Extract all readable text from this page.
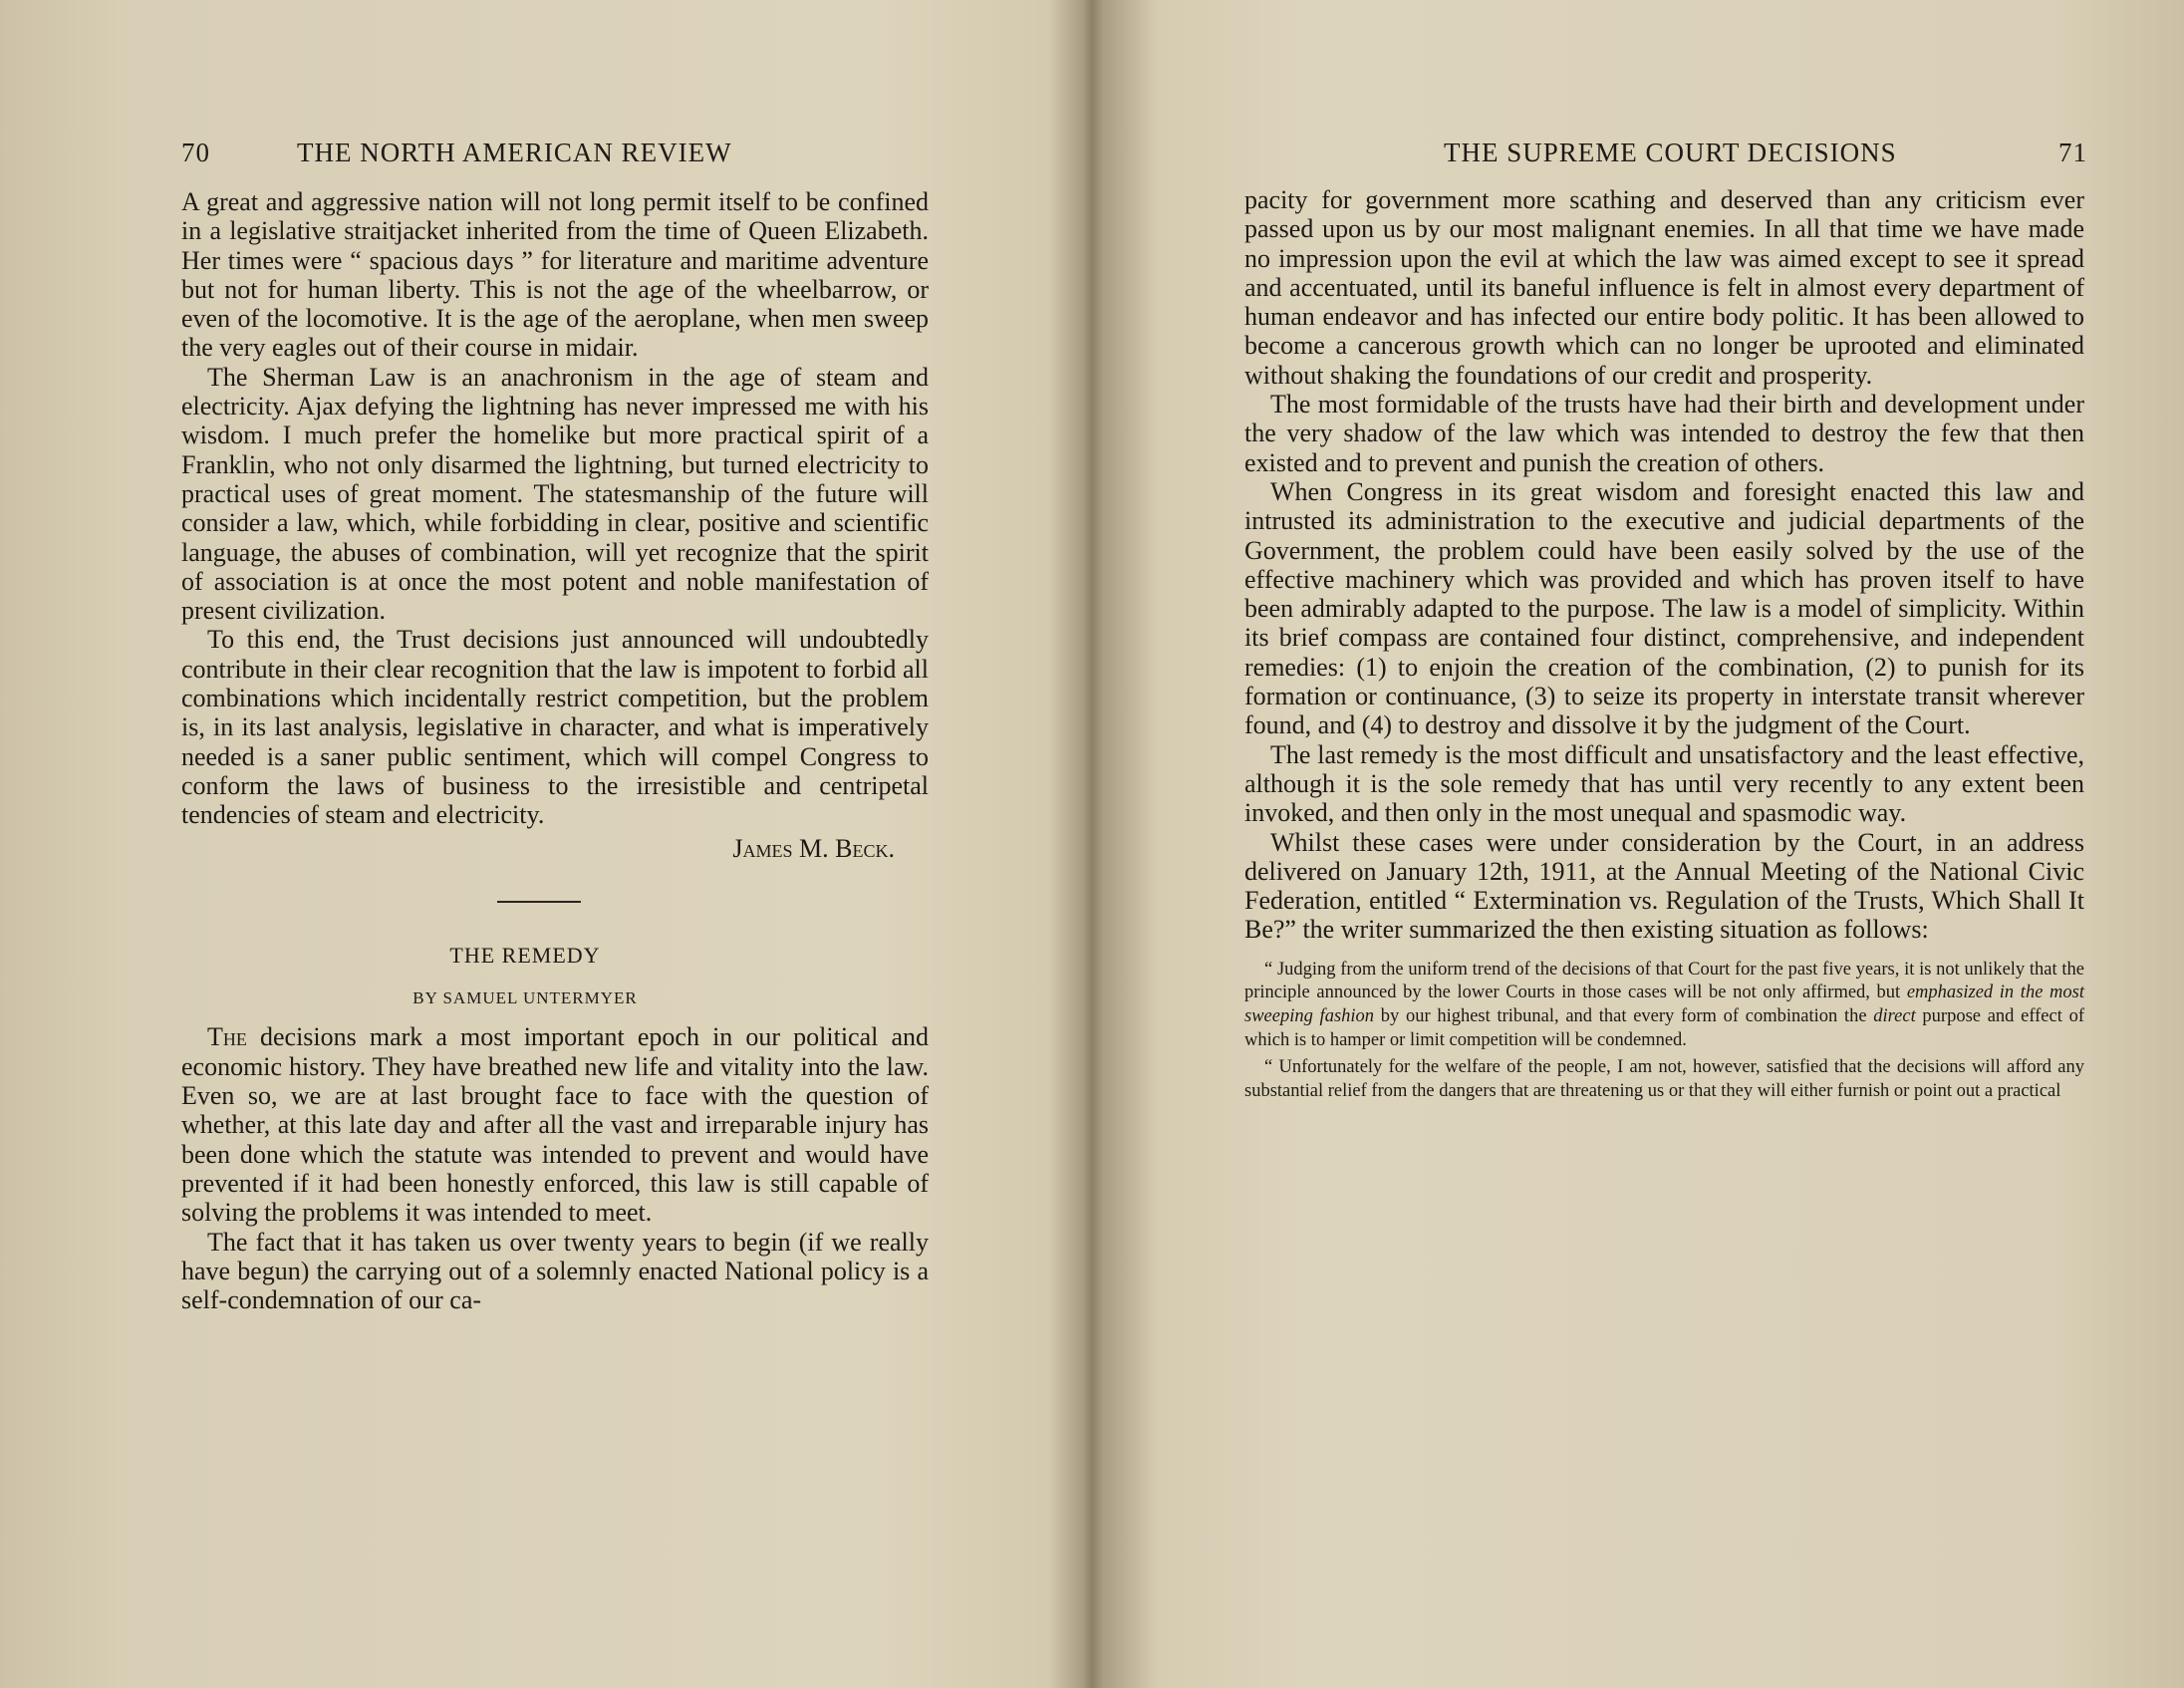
70	THE NORTH AMERICAN REVIEW

A great and aggressive nation will not long permit itself to be confined in a legislative straitjacket inherited from the time of Queen Elizabeth. Her times were “ spacious days ” for literature and maritime adventure but not for human liberty. This is not the age of the wheelbarrow, or even of the locomotive. It is the age of the aeroplane, when men sweep the very eagles out of their course in midair.

The Sherman Law is an anachronism in the age of steam and electricity. Ajax defying the lightning has never impressed me with his wisdom. I much prefer the homelike but more practical spirit of a Franklin, who not only disarmed the lightning, but turned electricity to practical uses of great moment. The statesmanship of the future will consider a law, which, while forbidding in clear, positive and scientific language, the abuses of combination, will yet recognize that the spirit of association is at once the most potent and noble manifestation of present civilization.

To this end, the Trust decisions just announced will undoubtedly contribute in their clear recognition that the law is impotent to forbid all combinations which incidentally restrict competition, but the problem is, in its last analysis, legislative in character, and what is imperatively needed is a saner public sentiment, which will compel Congress to conform the laws of business to the irresistible and centripetal tendencies of steam and electricity.

James M. Beck.
THE REMEDY
BY SAMUEL UNTERMYER

The decisions mark a most important epoch in our political and economic history. They have breathed new life and vitality into the law. Even so, we are at last brought face to face with the question of whether, at this late day and after all the vast and irreparable injury has been done which the statute was intended to prevent and would have prevented if it had been honestly enforced, this law is still capable of solving the problems it was intended to meet.

The fact that it has taken us over twenty years to begin (if we really have begun) the carrying out of a solemnly enacted National policy is a self-condemnation of our ca-

THE SUPREME COURT DECISIONS	71

pacity for government more scathing and deserved than any criticism ever passed upon us by our most malignant enemies. In all that time we have made no impression upon the evil at which the law was aimed except to see it spread and accentuated, until its baneful influence is felt in almost every department of human endeavor and has infected our entire body politic. It has been allowed to become a cancerous growth which can no longer be uprooted and eliminated without shaking the foundations of our credit and prosperity.

The most formidable of the trusts have had their birth and development under the very shadow of the law which was intended to destroy the few that then existed and to prevent and punish the creation of others.

When Congress in its great wisdom and foresight enacted this law and intrusted its administration to the executive and judicial departments of the Government, the problem could have been easily solved by the use of the effective machinery which was provided and which has proven itself to have been admirably adapted to the purpose. The law is a model of simplicity. Within its brief compass are contained four distinct, comprehensive, and independent remedies: (1) to enjoin the creation of the combination, (2) to punish for its formation or continuance, (3) to seize its property in interstate transit wherever found, and (4) to destroy and dissolve it by the judgment of the Court.

The last remedy is the most difficult and unsatisfactory and the least effective, although it is the sole remedy that has until very recently to any extent been invoked, and then only in the most unequal and spasmodic way.

Whilst these cases were under consideration by the Court, in an address delivered on January 12th, 1911, at the Annual Meeting of the National Civic Federation, entitled “ Extermination vs. Regulation of the Trusts, Which Shall It Be?” the writer summarized the then existing situation as follows:

“ Judging from the uniform trend of the decisions of that Court for the past five years, it is not unlikely that the principle announced by the lower Courts in those cases will be not only affirmed, but emphasized in the most sweeping fashion by our highest tribunal, and that every form of combination the direct purpose and effect of which is to hamper or limit competition will be condemned.

“ Unfortunately for the welfare of the people, I am not, however, satisfied that the decisions will afford any substantial relief from the dangers that are threatening us or that they will either furnish or point out a practical
